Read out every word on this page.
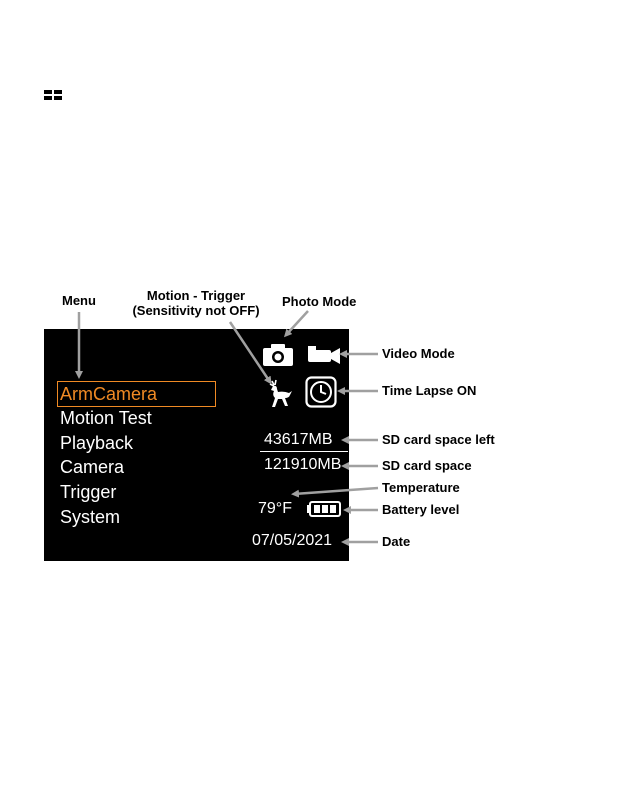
Menu	Motion - Trigger
(Sensitivity not OFF)
Photo Mode
Video Mode
Time Lapse ON
SD card space left
SD card space
Temperature
Battery level
Date
ArmCamera
Motion Test
Playback
Camera
Trigger
System
43617MB
121910MB
79°F
07/05/2021
